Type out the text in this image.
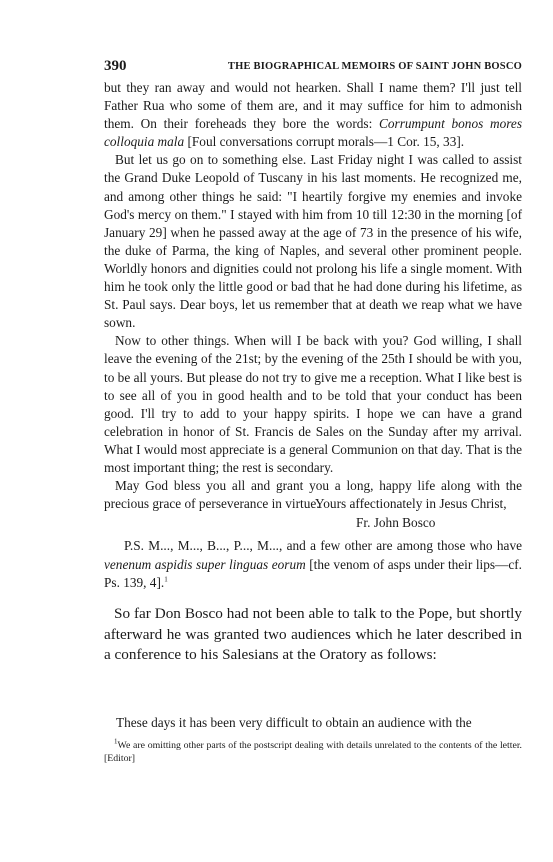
390	THE BIOGRAPHICAL MEMOIRS OF SAINT JOHN BOSCO

but they ran away and would not hearken. Shall I name them? I'll just tell Father Rua who some of them are, and it may suffice for him to admonish them. On their foreheads they bore the words: Corrumpunt bonos mores colloquia mala [Foul conversations corrupt morals—1 Cor. 15, 33].

But let us go on to something else. Last Friday night I was called to assist the Grand Duke Leopold of Tuscany in his last moments. He recognized me, and among other things he said: "I heartily forgive my enemies and invoke God's mercy on them." I stayed with him from 10 till 12:30 in the morning [of January 29] when he passed away at the age of 73 in the presence of his wife, the duke of Parma, the king of Naples, and several other prominent people. Worldly honors and dignities could not prolong his life a single moment. With him he took only the little good or bad that he had done during his lifetime, as St. Paul says. Dear boys, let us remember that at death we reap what we have sown.

Now to other things. When will I be back with you? God willing, I shall leave the evening of the 21st; by the evening of the 25th I should be with you, to be all yours. But please do not try to give me a reception. What I like best is to see all of you in good health and to be told that your conduct has been good. I'll try to add to your happy spirits. I hope we can have a grand celebration in honor of St. Francis de Sales on the Sunday after my arrival. What I would most appreciate is a general Communion on that day. That is the most important thing; the rest is secondary.

May God bless you all and grant you a long, happy life along with the precious grace of perseverance in virtue.

Yours affectionately in Jesus Christ,
Fr. John Bosco

P.S. M..., M..., B..., P..., M..., and a few other are among those who have venenum aspidis super linguas eorum [the venom of asps under their lips—cf. Ps. 139, 4].$^1$

So far Don Bosco had not been able to talk to the Pope, but shortly afterward he was granted two audiences which he later described in a conference to his Salesians at the Oratory as follows:

These days it has been very difficult to obtain an audience with the

$^1$We are omitting other parts of the postscript dealing with details unrelated to the contents of the letter. [Editor]
